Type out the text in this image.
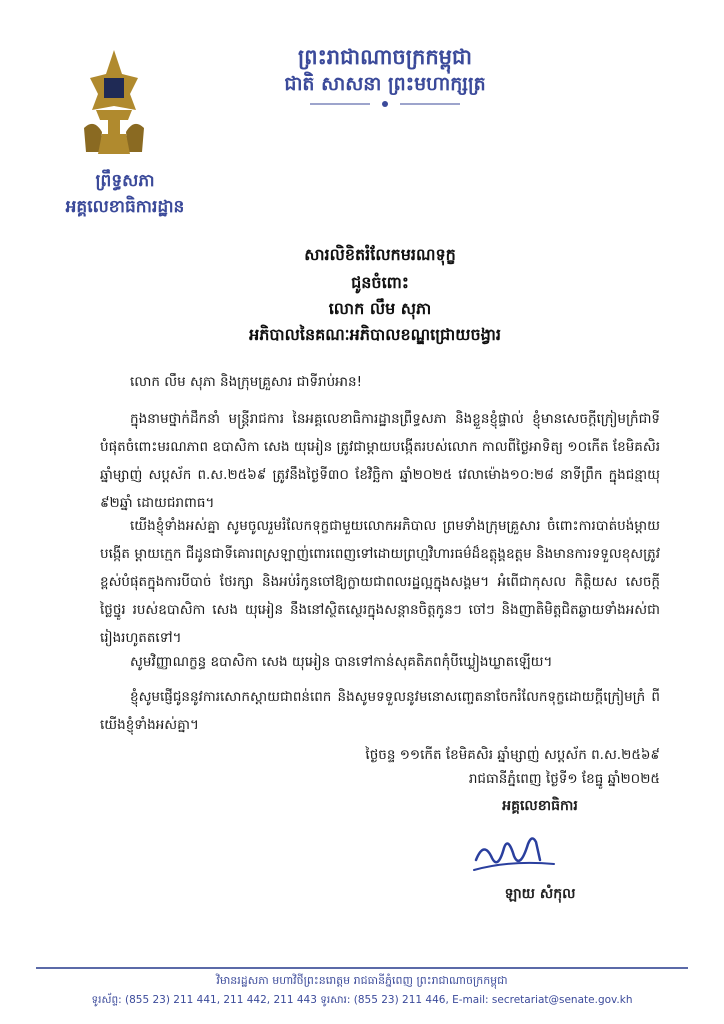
ព្រះរាជាណាចក្រកម្ពុជា
ជាតិ សាសនា ព្រះមហាក្សត្រ
ព្រឹទ្ធសភា
អគ្គលេខាធិការដ្ឋាន
សារលិខិតរំលែកមរណទុក្ខ
ជូនចំពោះ
លោក លឹម សុភា
អភិបាលនៃគណៈអភិបាលខណ្ឌជ្រោយចង្វារ
លោក លឹម សុភា និងក្រុមគ្រួសារ ជាទីរាប់អាន!
ក្នុងនាមថ្នាក់ដឹកនាំ មន្ត្រីរាជការ នៃអគ្គលេខាធិការដ្ឋានព្រឹទ្ធសភា និងខ្លួនខ្ញុំផ្ទាល់ ខ្ញុំមានសេចក្តីក្រៀមក្រំជាទីបំផុតចំពោះមរណភាព ឧបាសិកា សេង យុអៀន ត្រូវជាម្តាយបង្កើតរបស់លោក កាលពីថ្ងៃអាទិត្យ ១០កើត ខែមិគសិរ ឆ្នាំម្សាញ់ សប្តស័ក ព.ស.២៥៦៩ ត្រូវនឹងថ្ងៃទី៣០ ខែវិច្ឆិកា ឆ្នាំ២០២៥ វេលាម៉ោង១០:២៨ នាទីព្រឹក ក្នុងជន្មាយុ ៩២ឆ្នាំ ដោយជរាពាធ។
យើងខ្ញុំទាំងអស់គ្នា សូមចូលរួមរំលែកទុក្ខជាមួយលោកអភិបាល ព្រមទាំងក្រុមគ្រួសារ ចំពោះការបាត់បង់ម្តាយបង្កើត ម្តាយក្មេក ជីដូនជាទីគោរពស្រឡាញ់ពោរពេញទៅដោយព្រហ្មវិហារធម៌ដ៏ឧត្តុង្គឧត្តម និងមានការទទួលខុសត្រូវខ្ពស់បំផុតក្នុងការបីបាច់ ថែរក្សា និងអប់រំកូនចៅឱ្យក្លាយជាពលរដ្ឋល្អក្នុងសង្គម។ អំពើជាកុសល កិត្តិយស សេចក្តីថ្លៃថ្នូរ របស់ឧបាសិកា សេង យុអៀន នឹងនៅស្ថិតស្ថេរក្នុងសន្តានចិត្តកូនៗ ចៅៗ និងញាតិមិត្តជិតឆ្ងាយទាំងអស់ជារៀងរហូតតទៅ។
សូមវិញ្ញាណក្ខន្ធ ឧបាសិកា សេង យុអៀន បានទៅកាន់សុគតិភពកុំបីឃ្លៀងឃ្លាតឡើយ។
ខ្ញុំសូមផ្ញើជូននូវការសោកស្តាយជាពន់ពេក និងសូមទទួលនូវមនោសញ្ចេតនាចែករំលែកទុក្ខដោយក្តីក្រៀមក្រំ ពីយើងខ្ញុំទាំងអស់គ្នា។
ថ្ងៃចន្ទ ១១កើត ខែមិគសិរ ឆ្នាំម្សាញ់ សប្តស័ក ព.ស.២៥៦៩
រាជធានីភ្នំពេញ ថ្ងៃទី១ ខែធ្នូ ឆ្នាំ២០២៥
អគ្គលេខាធិការ
ឡាយ សំកុល
វិមានរដ្ឋសភា មហាវិថីព្រះនរោត្តម រាជធានីភ្នំពេញ ព្រះរាជាណាចក្រកម្ពុជា
ទូរស័ព្ទ: (855 23) 211 441, 211 442, 211 443 ទូរសារ: (855 23) 211 446, E-mail: secretariat@senate.gov.kh
